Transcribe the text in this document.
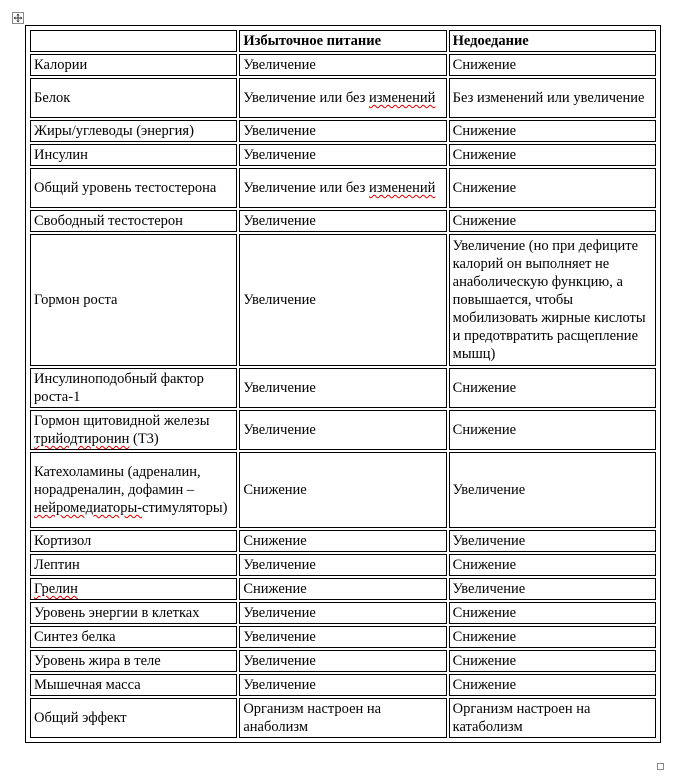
	Избыточное питание	Недоедание
Калории	Увеличение	Снижение
Белок	Увеличение или без изменений	Без изменений или увеличение
Жиры/углеводы (энергия)	Увеличение	Снижение
Инсулин	Увеличение	Снижение
Общий уровень тестостерона	Увеличение или без изменений	Снижение
Свободный тестостерон	Увеличение	Снижение
Гормон роста	Увеличение	Увеличение (но при дефиците калорий он выполняет не анаболическую функцию, а повышается, чтобы мобилизовать жирные кислоты и предотвратить расщепление мышц)
Инсулиноподобный фактор роста-1	Увеличение	Снижение
Гормон щитовидной железы трийодтиронин (Т3)	Увеличение	Снижение
Катехоламины (адреналин, норадреналин, дофамин – нейромедиаторы-стимуляторы)	Снижение	Увеличение
Кортизол	Снижение	Увеличение
Лептин	Увеличение	Снижение
Грелин	Снижение	Увеличение
Уровень энергии в клетках	Увеличение	Снижение
Синтез белка	Увеличение	Снижение
Уровень жира в теле	Увеличение	Снижение
Мышечная масса	Увеличение	Снижение
Общий эффект	Организм настроен на анаболизм	Организм настроен на катаболизм
